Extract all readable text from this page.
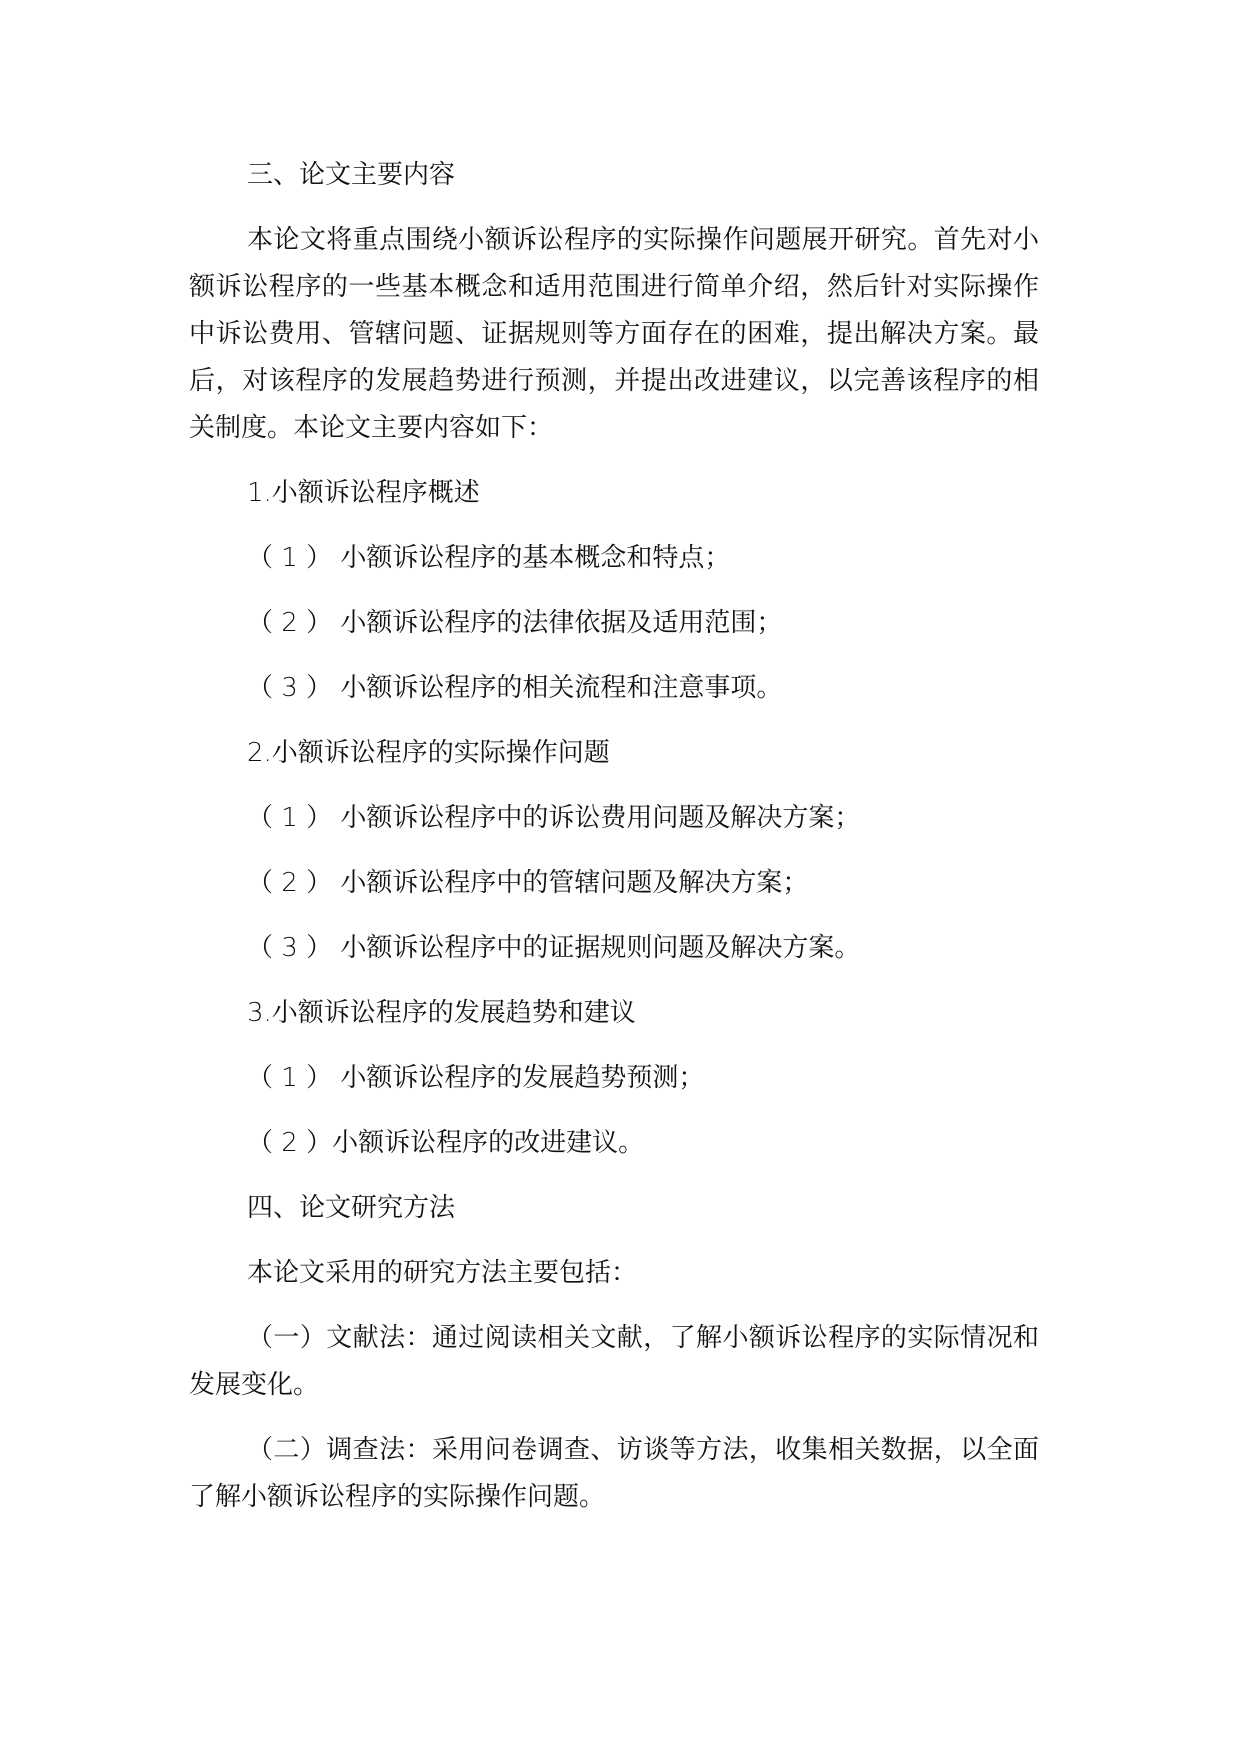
三、论文主要内容

本论文将重点围绕小额诉讼程序的实际操作问题展开研究。首先对小额诉讼程序的一些基本概念和适用范围进行简单介绍，然后针对实际操作中诉讼费用、管辖问题、证据规则等方面存在的困难，提出解决方案。最后，对该程序的发展趋势进行预测，并提出改进建议，以完善该程序的相关制度。本论文主要内容如下：

1.小额诉讼程序概述

（ 1 ） 小额诉讼程序的基本概念和特点；

（ 2 ） 小额诉讼程序的法律依据及适用范围；

（ 3 ） 小额诉讼程序的相关流程和注意事项。

2.小额诉讼程序的实际操作问题

（ 1 ） 小额诉讼程序中的诉讼费用问题及解决方案；

（ 2 ） 小额诉讼程序中的管辖问题及解决方案；

（ 3 ） 小额诉讼程序中的证据规则问题及解决方案。

3.小额诉讼程序的发展趋势和建议

（ 1 ） 小额诉讼程序的发展趋势预测；

（ 2 ）小额诉讼程序的改进建议。

四、论文研究方法

本论文采用的研究方法主要包括：

（一）文献法：通过阅读相关文献，了解小额诉讼程序的实际情况和发展变化。

（二）调查法：采用问卷调查、访谈等方法，收集相关数据，以全面了解小额诉讼程序的实际操作问题。
